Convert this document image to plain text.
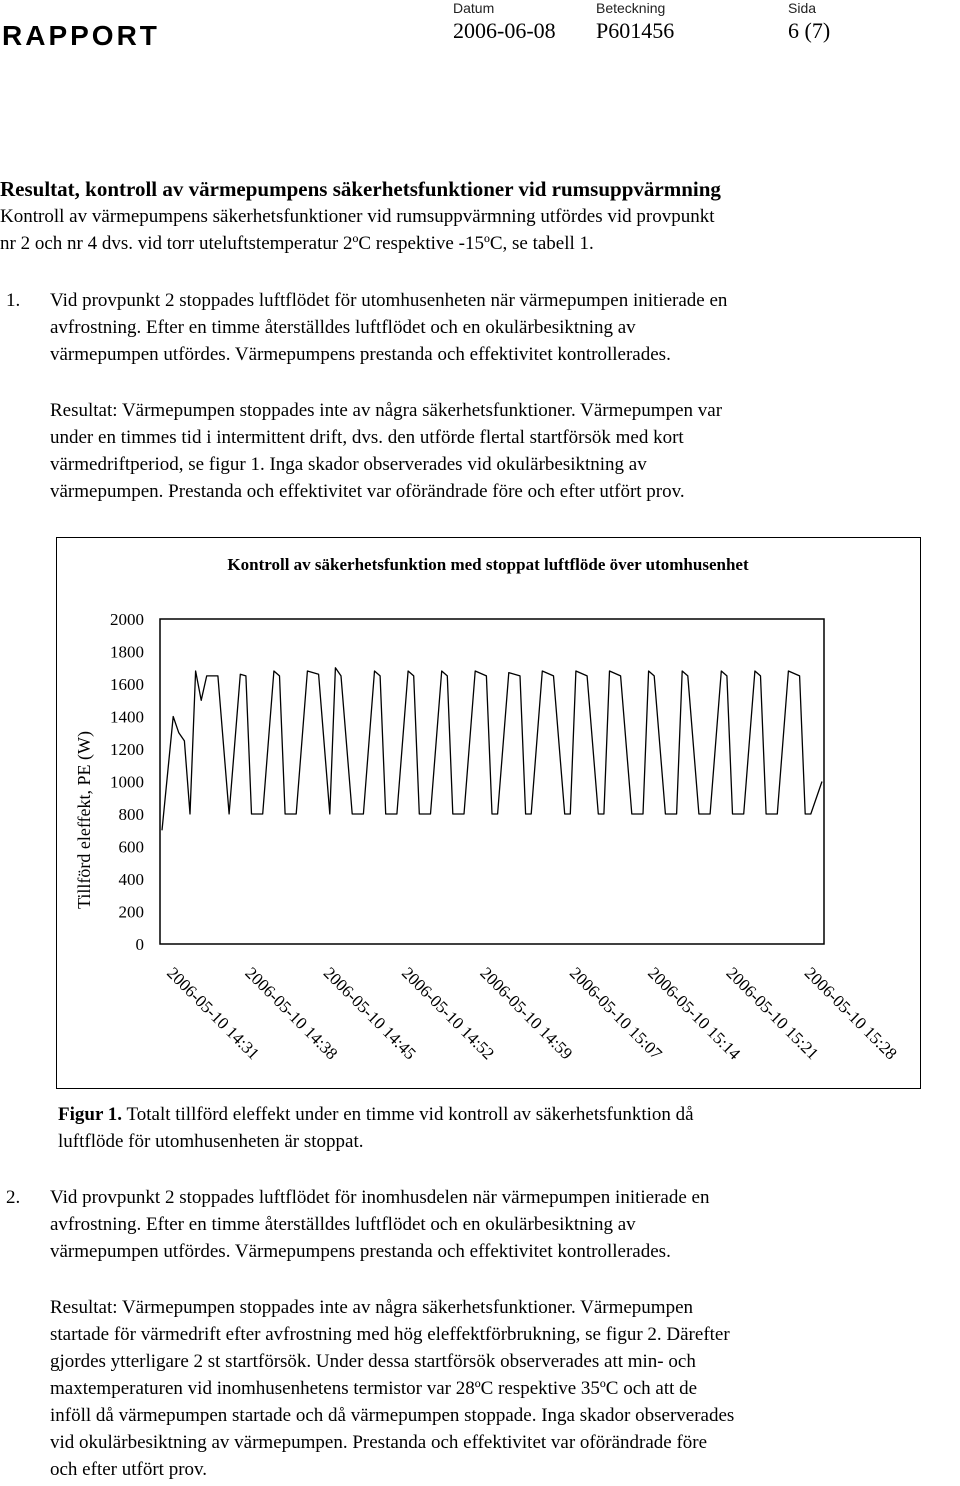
RAPPORT
Datum
2006-06-08
Beteckning
P601456
Sida
6 (7)
Resultat, kontroll av värmepumpens säkerhetsfunktioner vid rumsuppvärmning
Kontroll av värmepumpens säkerhetsfunktioner vid rumsuppvärmning utfördes vid provpunkt
nr 2 och nr 4 dvs. vid torr uteluftstemperatur 2ºC respektive -15ºC, se tabell 1.
1. Vid provpunkt 2 stoppades luftflödet för utomhusenheten när värmepumpen initierade en
avfrostning. Efter en timme återställdes luftflödet och en okulärbesiktning av
värmepumpen utfördes. Värmepumpens prestanda och effektivitet kontrollerades.
Resultat: Värmepumpen stoppades inte av några säkerhetsfunktioner. Värmepumpen var
under en timmes tid i intermittent drift, dvs. den utförde flertal startförsök med kort
värmedriftperiod, se figur 1. Inga skador observerades vid okulärbesiktning av
värmepumpen. Prestanda och effektivitet var oförändrade före och efter utfört prov.
Kontroll av säkerhetsfunktion med stoppat luftflöde över utomhusenhet
Tillförd eleffekt, PE (W)
2000
1800
1600
1400
1200
1000
800
600
400
200
0
2006-05-10 14:31
2006-05-10 14:38
2006-05-10 14:45
2006-05-10 14:52
2006-05-10 14:59
2006-05-10 15:07
2006-05-10 15:14
2006-05-10 15:21
2006-05-10 15:28
Figur 1. Totalt tillförd eleffekt under en timme vid kontroll av säkerhetsfunktion då
luftflöde för utomhusenheten är stoppat.
2. Vid provpunkt 2 stoppades luftflödet för inomhusdelen när värmepumpen initierade en
avfrostning. Efter en timme återställdes luftflödet och en okulärbesiktning av
värmepumpen utfördes. Värmepumpens prestanda och effektivitet kontrollerades.
Resultat: Värmepumpen stoppades inte av några säkerhetsfunktioner. Värmepumpen
startade för värmedrift efter avfrostning med hög eleffektförbrukning, se figur 2. Därefter
gjordes ytterligare 2 st startförsök. Under dessa startförsök observerades att min- och
maxtemperaturen vid inomhusenhetens termistor var 28ºC respektive 35ºC och att de
inföll då värmepumpen startade och då värmepumpen stoppade. Inga skador observerades
vid okulärbesiktning av värmepumpen. Prestanda och effektivitet var oförändrade före
och efter utfört prov.
